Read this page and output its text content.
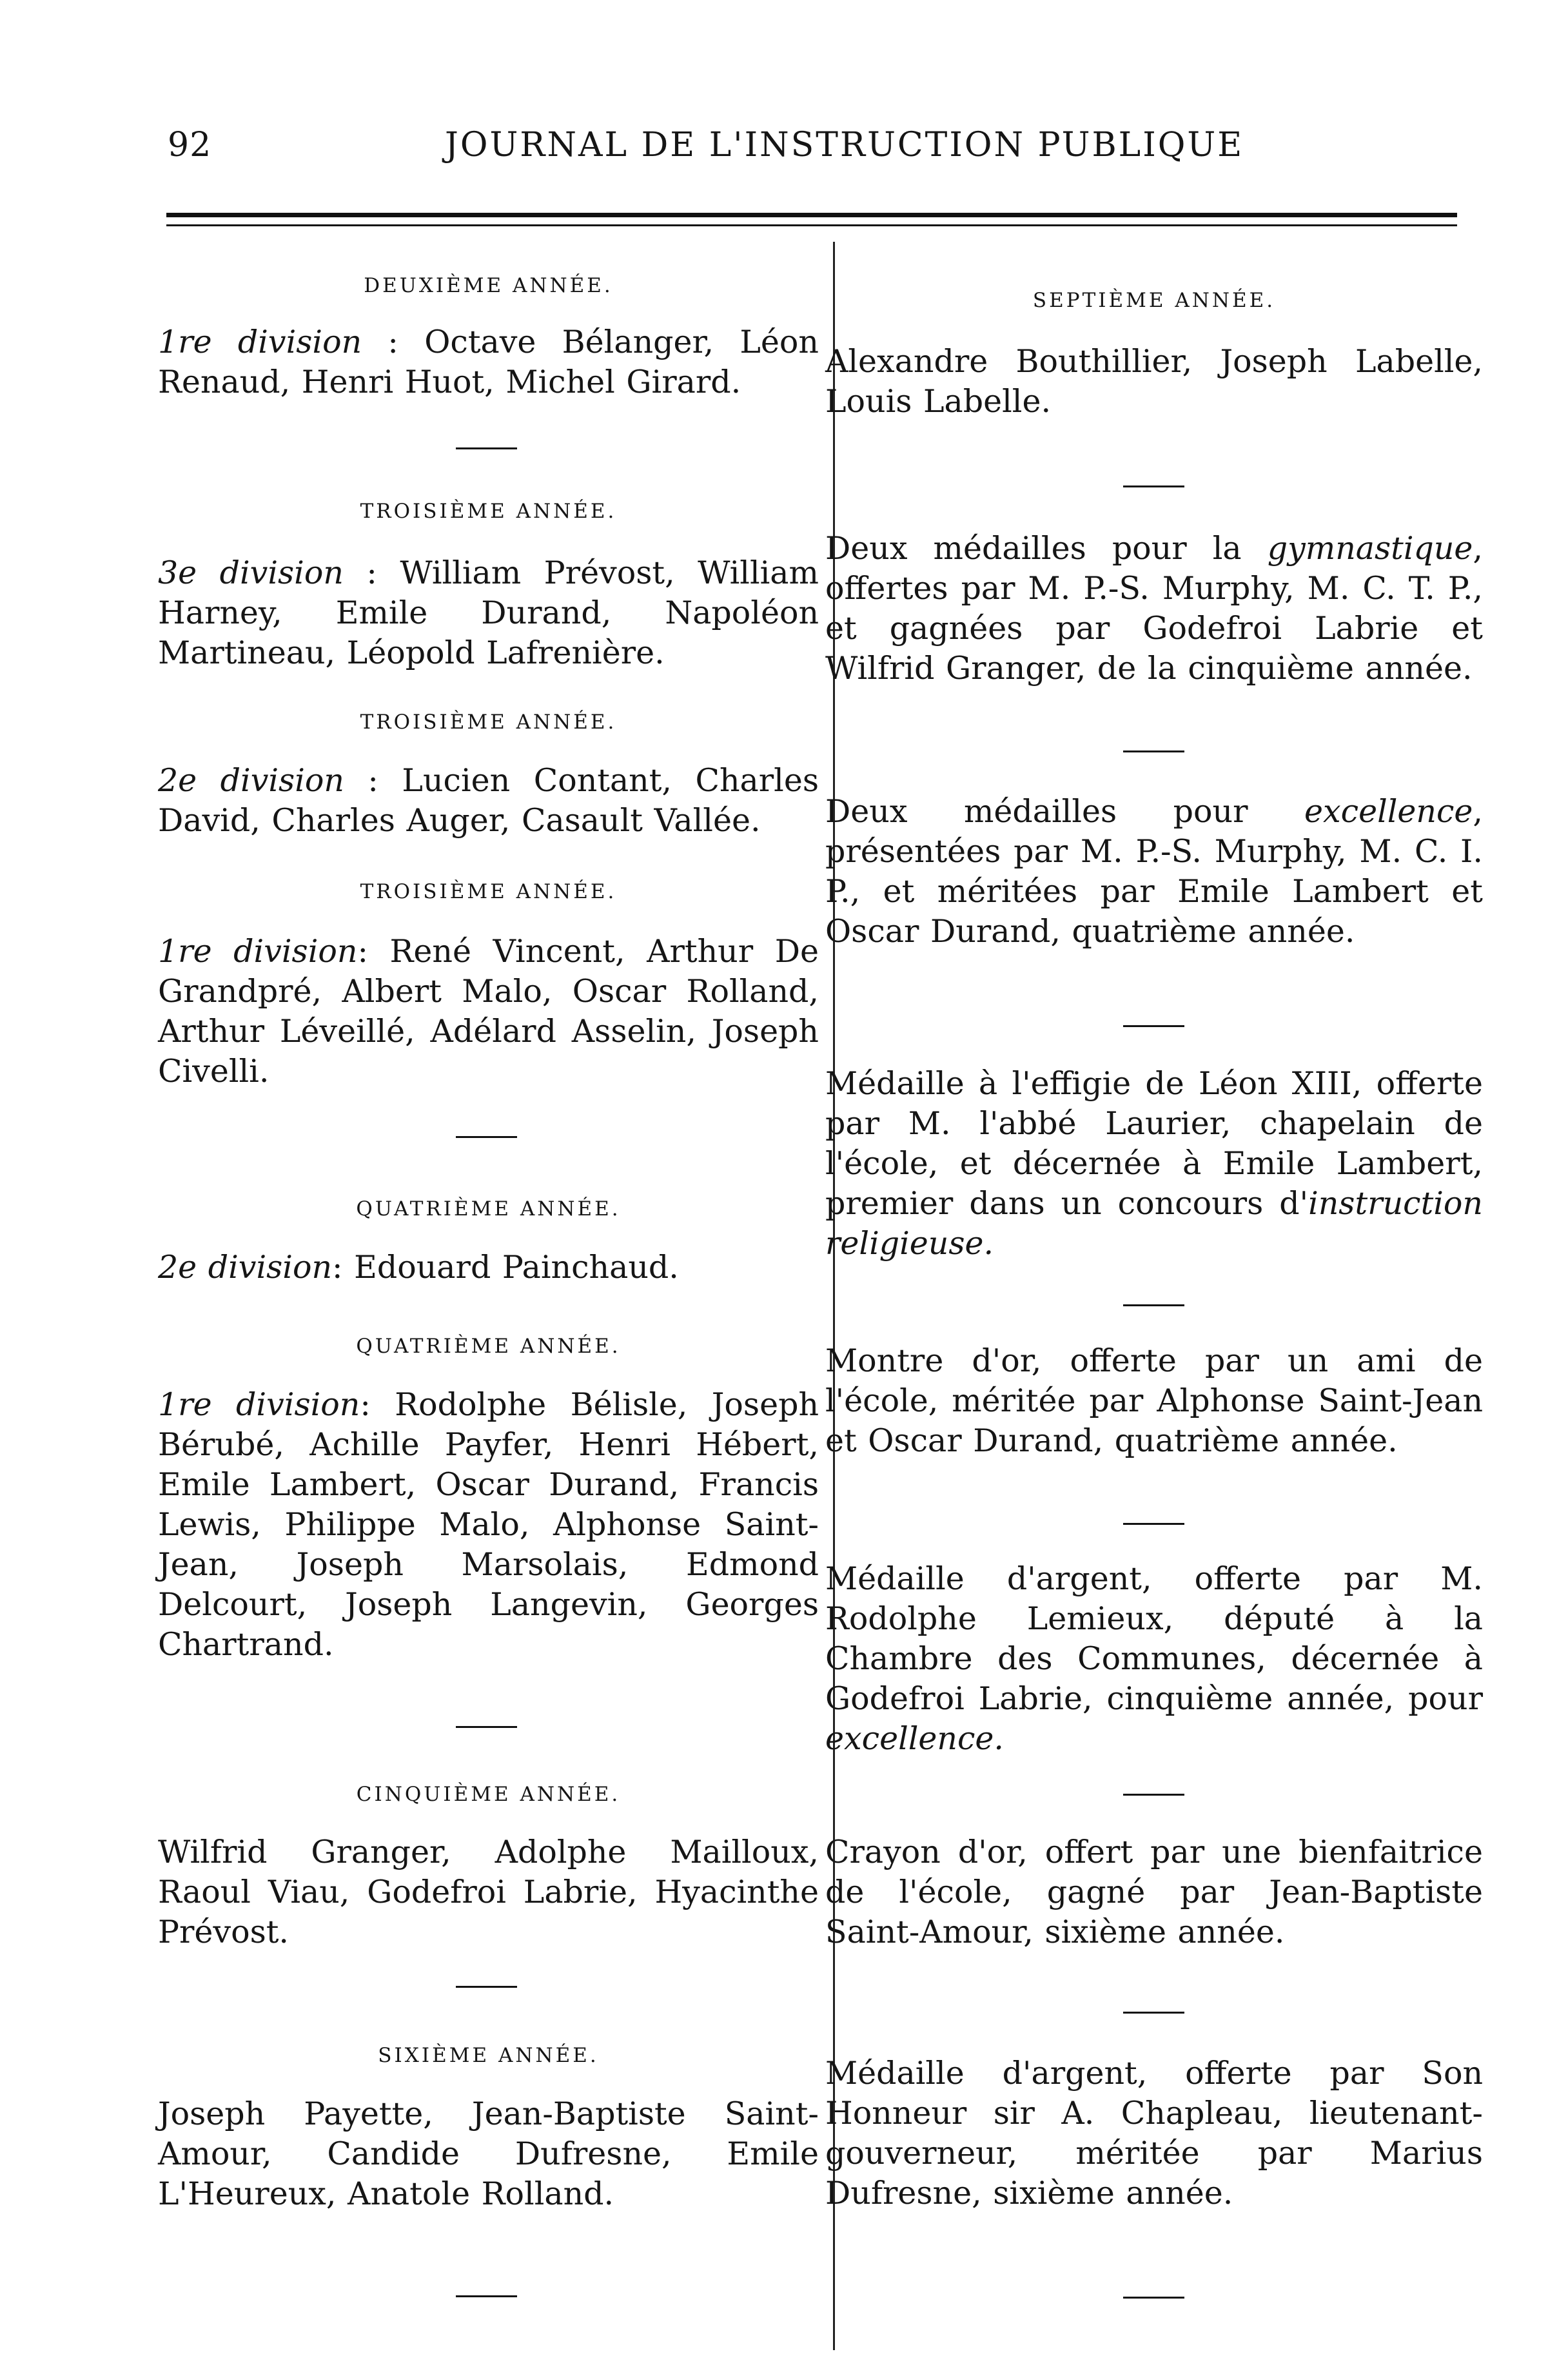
92	JOURNAL DE L'INSTRUCTION PUBLIQUE
DEUXIÈME ANNÉE.
1re division : Octave Bélanger, Léon Renaud, Henri Huot, Michel Girard.
TROISIÈME ANNÉE.
3e division : William Prévost, William Harney, Emile Durand, Napoléon Martineau, Léopold Lafrenière.
TROISIÈME ANNÉE.
2e division : Lucien Contant, Charles David, Charles Auger, Casault Vallée.
TROISIÈME ANNÉE.
1re division: René Vincent, Arthur De Grandpré, Albert Malo, Oscar Rolland, Arthur Léveillé, Adélard Asselin, Joseph Civelli.
QUATRIÈME ANNÉE.
2e division: Edouard Painchaud.
QUATRIÈME ANNÉE.
1re division: Rodolphe Bélisle, Joseph Bérubé, Achille Payfer, Henri Hébert, Emile Lambert, Oscar Durand, Francis Lewis, Philippe Malo, Alphonse Saint-Jean, Joseph Marsolais, Edmond Delcourt, Joseph Langevin, Georges Chartrand.
CINQUIÈME ANNÉE.
Wilfrid Granger, Adolphe Mailloux, Raoul Viau, Godefroi Labrie, Hyacinthe Prévost.
SIXIÈME ANNÉE.
Joseph Payette, Jean-Baptiste Saint-Amour, Candide Dufresne, Emile L'Heureux, Anatole Rolland.
SEPTIÈME ANNÉE.
Alexandre Bouthillier, Joseph Labelle, Louis Labelle.
Deux médailles pour la gymnastique, offertes par M. P.-S. Murphy, M. C. T. P., et gagnées par Godefroi Labrie et Wilfrid Granger, de la cinquième année.
Deux médailles pour excellence, présentées par M. P.-S. Murphy, M. C. I. P., et méritées par Emile Lambert et Oscar Durand, quatrième année.
Médaille à l'effigie de Léon XIII, offerte par M. l'abbé Laurier, chapelain de l'école, et décernée à Emile Lambert, premier dans un concours d'instruction religieuse.
Montre d'or, offerte par un ami de l'école, méritée par Alphonse Saint-Jean et Oscar Durand, quatrième année.
Médaille d'argent, offerte par M. Rodolphe Lemieux, député à la Chambre des Communes, décernée à Godefroi Labrie, cinquième année, pour excellence.
Crayon d'or, offert par une bienfaitrice de l'école, gagné par Jean-Baptiste Saint-Amour, sixième année.
Médaille d'argent, offerte par Son Honneur sir A. Chapleau, lieutenant-gouverneur, méritée par Marius Dufresne, sixième année.
